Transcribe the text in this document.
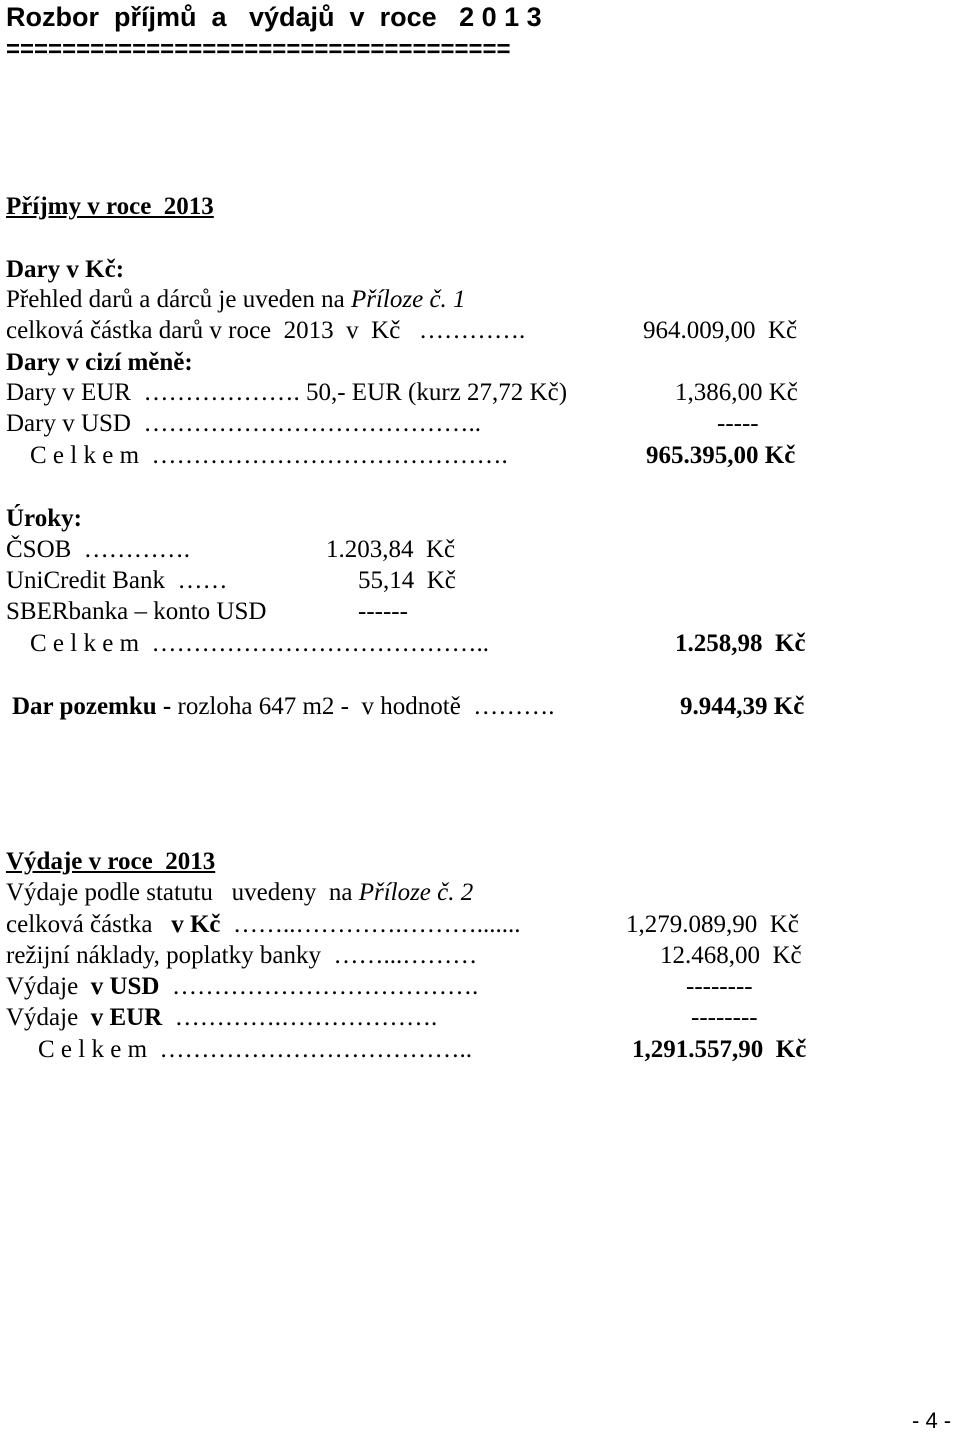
Rozbor  příjmů  a   výdajů  v  roce   2 0 1 3
====================================
Příjmy v roce  2013
Dary v Kč:
Přehled darů a dárců je uveden na Příloze č. 1
celková částka darů v roce  2013  v  Kč   ………….	964.009,00  Kč
Dary v cizí měně:
Dary v EUR  ………………. 50,- EUR (kurz 27,72 Kč)	1,386,00 Kč
Dary v USD  …………………………………..	-----
C e l k e m  …………………………………….	965.395,00 Kč
Úroky:
ČSOB  ………….	1.203,84  Kč
UniCredit Bank  ……	55,14  Kč
SBERbanka – konto USD	------
C e l k e m  …………………………………..	1.258,98  Kč
Dar pozemku - rozloha 647 m2 -  v hodnotě  ……….	9.944,39 Kč
Výdaje v roce  2013
Výdaje podle statutu   uvedeny  na Příloze č. 2
celková částka   v Kč  ……..………….……….......	1,279.089,90  Kč
režijní náklady, poplatky banky  ……...………	12.468,00  Kč
Výdaje  v USD  ……………………………….	--------
Výdaje  v EUR  ………….……………….	--------
C e l k e m  ………………………………..	1,291.557,90  Kč
- 4 -
